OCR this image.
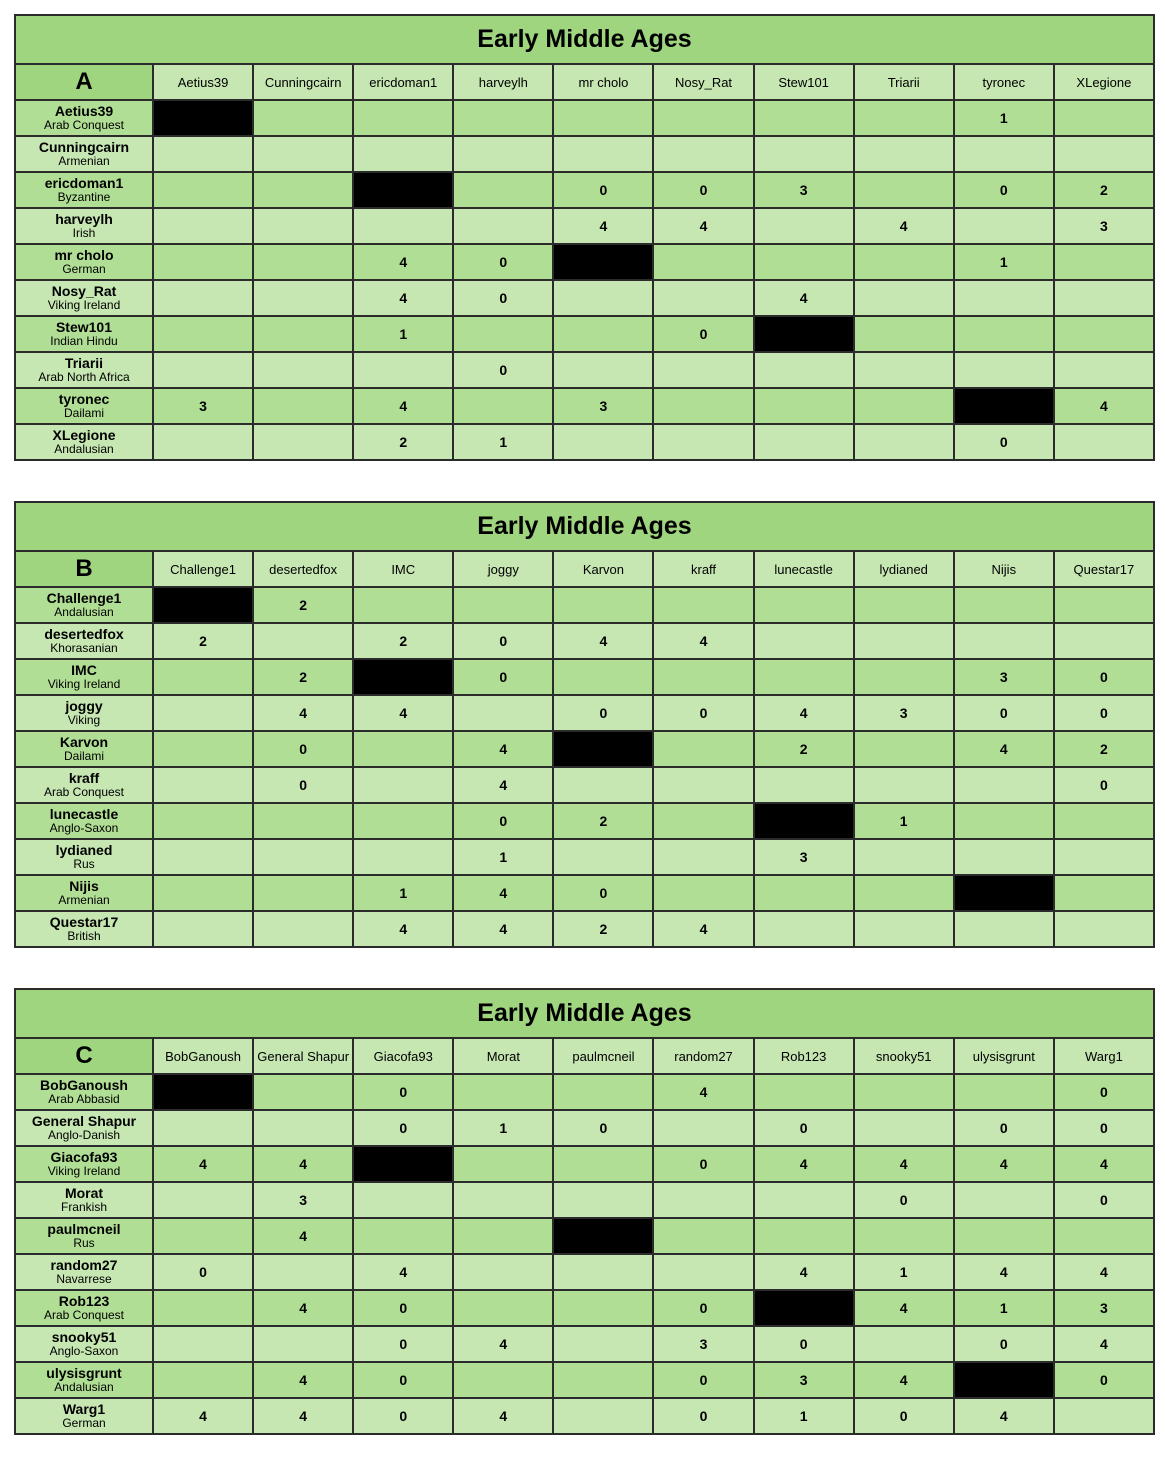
Early Middle Ages										
A	Aetius39	Cunningcairn	ericdoman1	harveylh	mr cholo	Nosy_Rat	Stew101	Triarii	tyronec	XLegione

Aetius39
Arab Conquest									1	

Cunningcairn
Armenian										

ericdoman1
Byzantine					0	0	3		0	2

harveylh
Irish					4	4		4		3

mr cholo
German			4	0					1	

Nosy_Rat
Viking Ireland			4	0			4			

Stew101
Indian Hindu			1			0				

Triarii
Arab North Africa				0						

tyronec
Dailami	3		4		3					4

XLegione
Andalusian			2	1					0	
Early Middle Ages										
B	Challenge1	desertedfox	IMC	joggy	Karvon	kraff	lunecastle	lydianed	Nijis	Questar17

Challenge1
Andalusian		2								

desertedfox
Khorasanian	2		2	0	4	4				

IMC
Viking Ireland		2		0					3	0

joggy
Viking		4	4		0	0	4	3	0	0

Karvon
Dailami		0		4			2		4	2

kraff
Arab Conquest		0		4						0

lunecastle
Anglo-Saxon				0	2			1		

lydianed
Rus				1			3			

Nijis
Armenian			1	4	0					

Questar17
British			4	4	2	4				
Early Middle Ages										
C	BobGanoush	General Shapur	Giacofa93	Morat	paulmcneil	random27	Rob123	snooky51	ulysisgrunt	Warg1

BobGanoush
Arab Abbasid			0			4				0

General Shapur
Anglo-Danish			0	1	0		0		0	0

Giacofa93
Viking Ireland	4	4				0	4	4	4	4

Morat
Frankish		3						0		0

paulmcneil
Rus		4								

random27
Navarrese	0		4				4	1	4	4

Rob123
Arab Conquest		4	0			0		4	1	3

snooky51
Anglo-Saxon			0	4		3	0		0	4

ulysisgrunt
Andalusian		4	0			0	3	4		0

Warg1
German	4	4	0	4		0	1	0	4	
